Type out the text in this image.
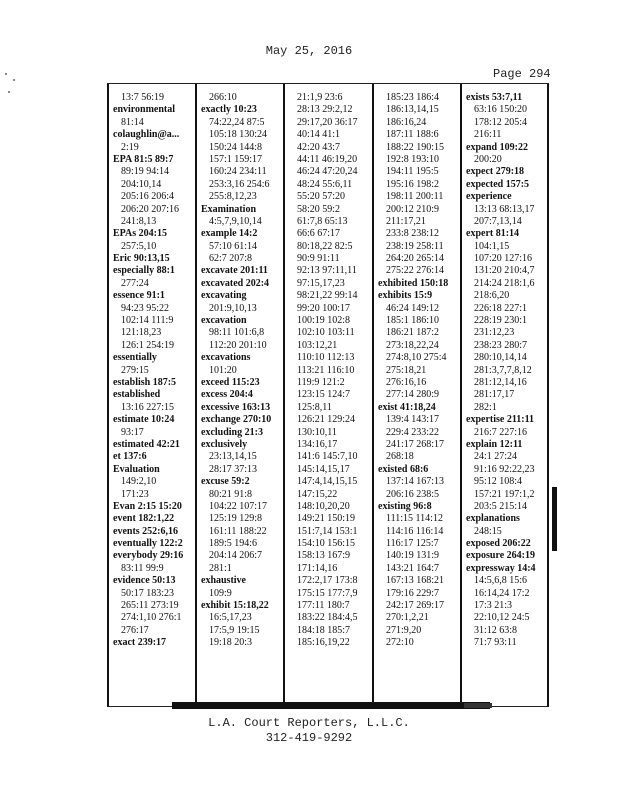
May 25, 2016
Page 294
13:7 56:19
environmental
81:14
colaughlin@a...
2:19
EPA 81:5 89:7
89:19 94:14
204:10,14
205:16 206:4
206:20 207:16
241:8,13
EPAs 204:15
257:5,10
Eric 90:13,15
especially 88:1
277:24
essence 91:1
94:23 95:22
102:14 111:9
121:18,23
126:1 254:19
essentially
279:15
establish 187:5
established
13:16 227:15
estimate 10:24
93:17
estimated 42:21
et 137:6
Evaluation
149:2,10
171:23
Evan 2:15 15:20
event 182:1,22
events 252:6,16
eventually 122:2
everybody 29:16
83:11 99:9
evidence 50:13
50:17 183:23
265:11 273:19
274:1,10 276:1
276:17
exact 239:17
266:10
exactly 10:23
74:22,24 87:5
105:18 130:24
150:24 144:8
157:1 159:17
160:24 234:11
253:3,16 254:6
255:8,12,23
Examination
4:5,7,9,10,14
example 14:2
57:10 61:14
62:7 207:8
excavate 201:11
excavated 202:4
excavating
201:9,10,13
excavation
98:11 101:6,8
112:20 201:10
excavations
101:20
exceed 115:23
excess 204:4
excessive 163:13
exchange 270:10
excluding 21:3
exclusively
23:13,14,15
28:17 37:13
excuse 59:2
80:21 91:8
104:22 107:17
125:19 129:8
161:11 188:22
189:5 194:6
204:14 206:7
281:1
exhaustive
109:9
exhibit 15:18,22
16:5,17,23
17:5,9 19:15
19:18 20:3
21:1,9 23:6
28:13 29:2,12
29:17,20 36:17
40:14 41:1
42:20 43:7
44:11 46:19,20
46:24 47:20,24
48:24 55:6,11
55:20 57:20
58:20 59:2
61:7,8 65:13
66:6 67:17
80:18,22 82:5
90:9 91:11
92:13 97:11,11
97:15,17,23
98:21,22 99:14
99:20 100:17
100:19 102:8
102:10 103:11
103:12,21
110:10 112:13
113:21 116:10
119:9 121:2
123:15 124:7
125:8,11
126:21 129:24
130:10,11
134:16,17
141:6 145:7,10
145:14,15,17
147:4,14,15,15
147:15,22
148:10,20,20
149:21 150:19
151:7,14 153:1
154:10 156:15
158:13 167:9
171:14,16
172:2,17 173:8
175:15 177:7,9
177:11 180:7
183:22 184:4,5
184:18 185:7
185:16,19,22
185:23 186:4
186:13,14,15
186:16,24
187:11 188:6
188:22 190:15
192:8 193:10
194:11 195:5
195:16 198:2
198:11 200:11
200:12 210:9
211:17,21
233:8 238:12
238:19 258:11
264:20 265:14
275:22 276:14
exhibited 150:18
exhibits 15:9
46:24 149:12
185:1 186:10
186:21 187:2
273:18,22,24
274:8,10 275:4
275:18,21
276:16,16
277:14 280:9
exist 41:18,24
139:4 143:17
229:4 233:22
241:17 268:17
268:18
existed 68:6
137:14 167:13
206:16 238:5
existing 96:8
111:15 114:12
114:16 116:14
116:17 125:7
140:19 131:9
143:21 164:7
167:13 168:21
179:16 229:7
242:17 269:17
270:1,2,21
271:9,20
272:10
exists 53:7,11
63:16 150:20
178:12 205:4
216:11
expand 109:22
200:20
expect 279:18
expected 157:5
experience
13:13 68:13,17
207:7,13,14
expert 81:14
104:1,15
107:20 127:16
131:20 210:4,7
214:24 218:1,6
218:6,20
226:18 227:1
228:19 230:1
231:12,23
238:23 280:7
280:10,14,14
281:3,7,7,8,12
281:12,14,16
281:17,17
282:1
expertise 211:11
216:7 227:16
explain 12:11
24:1 27:24
91:16 92:22,23
95:12 108:4
157:21 197:1,2
203:5 215:14
explanations
248:15
exposed 206:22
exposure 264:19
expressway 14:4
14:5,6,8 15:6
16:14,24 17:2
17:3 21:3
22:10,12 24:5
31:12 63:8
71:7 93:11
L.A. Court Reporters, L.L.C.
312-419-9292
